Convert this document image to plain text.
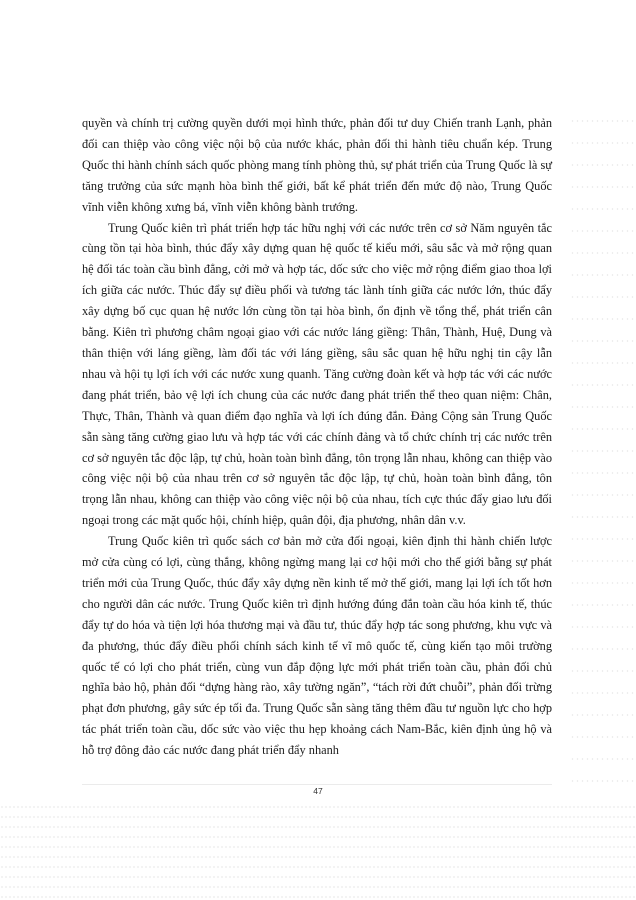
quyền và chính trị cường quyền dưới mọi hình thức, phản đối tư duy Chiến tranh Lạnh, phản đối can thiệp vào công việc nội bộ của nước khác, phản đối thi hành tiêu chuẩn kép. Trung Quốc thi hành chính sách quốc phòng mang tính phòng thủ, sự phát triển của Trung Quốc là sự tăng trưởng của sức mạnh hòa bình thế giới, bất kể phát triển đến mức độ nào, Trung Quốc vĩnh viễn không xưng bá, vĩnh viễn không bành trướng.

Trung Quốc kiên trì phát triển hợp tác hữu nghị với các nước trên cơ sở Năm nguyên tắc cùng tồn tại hòa bình, thúc đẩy xây dựng quan hệ quốc tế kiểu mới, sâu sắc và mở rộng quan hệ đối tác toàn cầu bình đẳng, cởi mở và hợp tác, dốc sức cho việc mở rộng điểm giao thoa lợi ích giữa các nước. Thúc đẩy sự điều phối và tương tác lành tính giữa các nước lớn, thúc đẩy xây dựng bố cục quan hệ nước lớn cùng tồn tại hòa bình, ổn định về tổng thể, phát triển cân bằng. Kiên trì phương châm ngoại giao với các nước láng giềng: Thân, Thành, Huệ, Dung và thân thiện với láng giềng, làm đối tác với láng giềng, sâu sắc quan hệ hữu nghị tin cậy lẫn nhau và hội tụ lợi ích với các nước xung quanh. Tăng cường đoàn kết và hợp tác với các nước đang phát triển, bảo vệ lợi ích chung của các nước đang phát triển thể theo quan niệm: Chân, Thực, Thân, Thành và quan điểm đạo nghĩa và lợi ích đúng đắn. Đảng Cộng sản Trung Quốc sẵn sàng tăng cường giao lưu và hợp tác với các chính đảng và tổ chức chính trị các nước trên cơ sở nguyên tắc độc lập, tự chủ, hoàn toàn bình đẳng, tôn trọng lẫn nhau, không can thiệp vào công việc nội bộ của nhau trên cơ sở nguyên tắc độc lập, tự chủ, hoàn toàn bình đẳng, tôn trọng lẫn nhau, không can thiệp vào công việc nội bộ của nhau, tích cực thúc đẩy giao lưu đối ngoại trong các mặt quốc hội, chính hiệp, quân đội, địa phương, nhân dân v.v.

Trung Quốc kiên trì quốc sách cơ bản mở cửa đối ngoại, kiên định thi hành chiến lược mở cửa cùng có lợi, cùng thắng, không ngừng mang lại cơ hội mới cho thế giới bằng sự phát triển mới của Trung Quốc, thúc đẩy xây dựng nền kinh tế mở thế giới, mang lại lợi ích tốt hơn cho người dân các nước. Trung Quốc kiên trì định hướng đúng đắn toàn cầu hóa kinh tế, thúc đẩy tự do hóa và tiện lợi hóa thương mại và đầu tư, thúc đẩy hợp tác song phương, khu vực và đa phương, thúc đẩy điều phối chính sách kinh tế vĩ mô quốc tế, cùng kiến tạo môi trường quốc tế có lợi cho phát triển, cùng vun đắp động lực mới phát triển toàn cầu, phản đối chủ nghĩa bảo hộ, phản đối “dựng hàng rào, xây tường ngăn”, “tách rời đứt chuỗi”, phản đối trừng phạt đơn phương, gây sức ép tối đa. Trung Quốc sẵn sàng tăng thêm đầu tư nguồn lực cho hợp tác phát triển toàn cầu, dốc sức vào việc thu hẹp khoảng cách Nam-Bắc, kiên định ủng hộ và hỗ trợ đông đảo các nước đang phát triển đẩy nhanh

47
